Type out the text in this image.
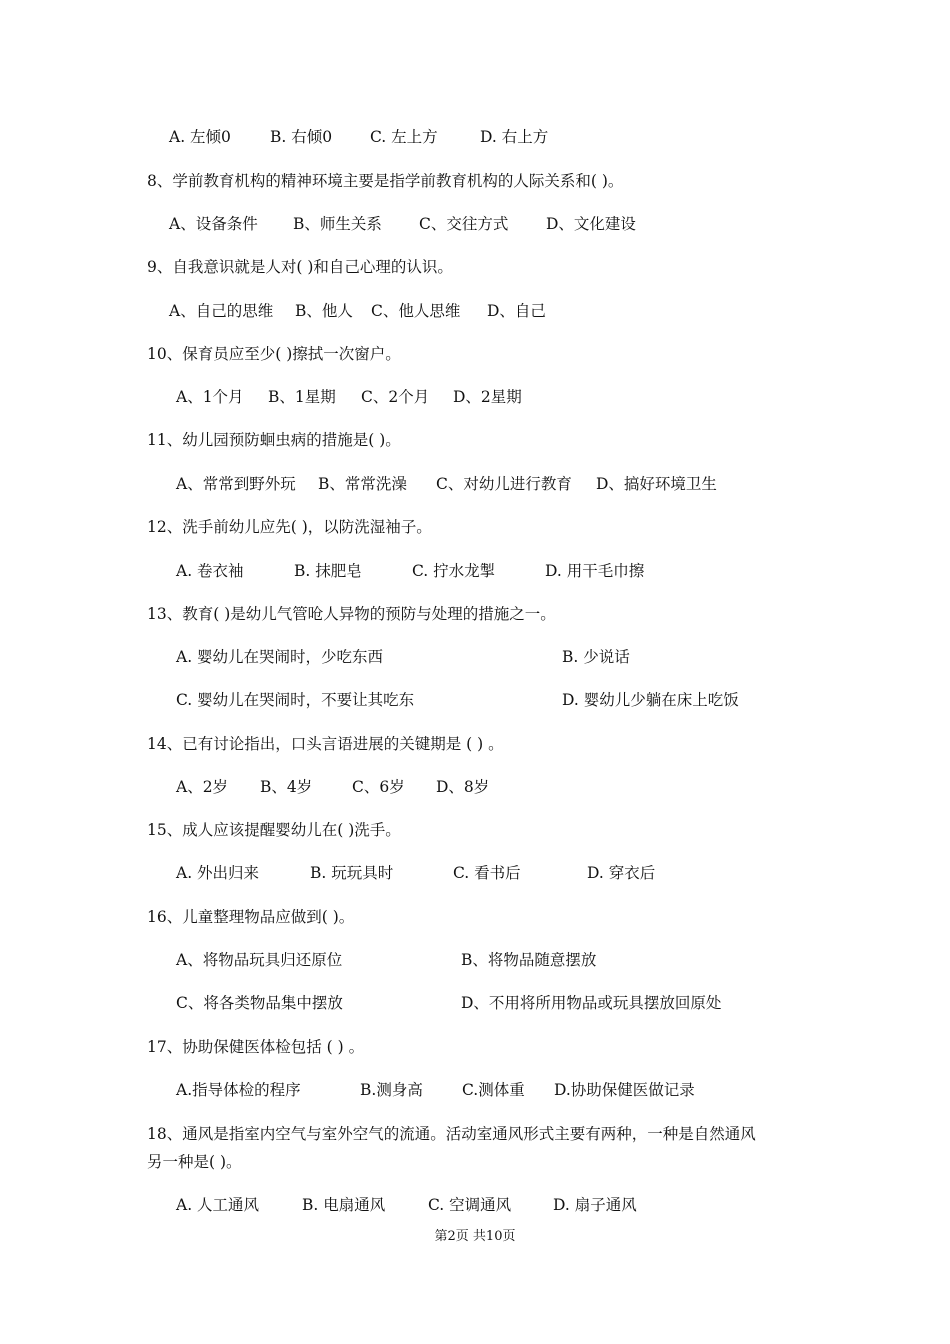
A. 左倾0	B. 右倾0 C. 左上方	D. 右上方
8、学前教育机构的精神环境主要是指学前教育机构的人际关系和( )。
A、设备条件 B、师生关系 C、交往方式 D、文化建设
9、自我意识就是人对( )和自己心理的认识。
A、自己的思维 B、他人 C、他人思维 D、自己
10、保育员应至少( )擦拭一次窗户。
A、1个月 B、1星期 C、2个月 D、2星期
11、幼儿园预防蛔虫病的措施是( )。
A、常常到野外玩 B、常常洗澡 C、对幼儿进行教育 D、搞好环境卫生
12、洗手前幼儿应先( )，以防洗湿袖子。
A. 卷衣袖	B. 抹肥皂	C. 拧水龙掣	D. 用干毛巾擦
13、教育( )是幼儿气管呛人异物的预防与处理的措施之一。
A. 婴幼儿在哭闹时，少吃东西	B. 少说话
C. 婴幼儿在哭闹时，不要让其吃东	D. 婴幼儿少躺在床上吃饭
14、已有讨论指出，口头言语进展的关键期是 ( ) 。
A、2岁 B、4岁	C、6岁 D、8岁
15、成人应该提醒婴幼儿在( )洗手。
A. 外出归来	B. 玩玩具时	C. 看书后	D. 穿衣后
16、儿童整理物品应做到( )。
A、将物品玩具归还原位	B、将物品随意摆放
C、将各类物品集中摆放	D、不用将所用物品或玩具摆放回原处
17、协助保健医体检包括 ( ) 。
A.指导体检的程序	B.测身高	C.测体重 D.协助保健医做记录
18、通风是指室内空气与室外空气的流通。活动室通风形式主要有两种，一种是自然通风
另一种是( )。
A. 人工通风	B. 电扇通风	C. 空调通风	D. 扇子通风
第2页 共10页
